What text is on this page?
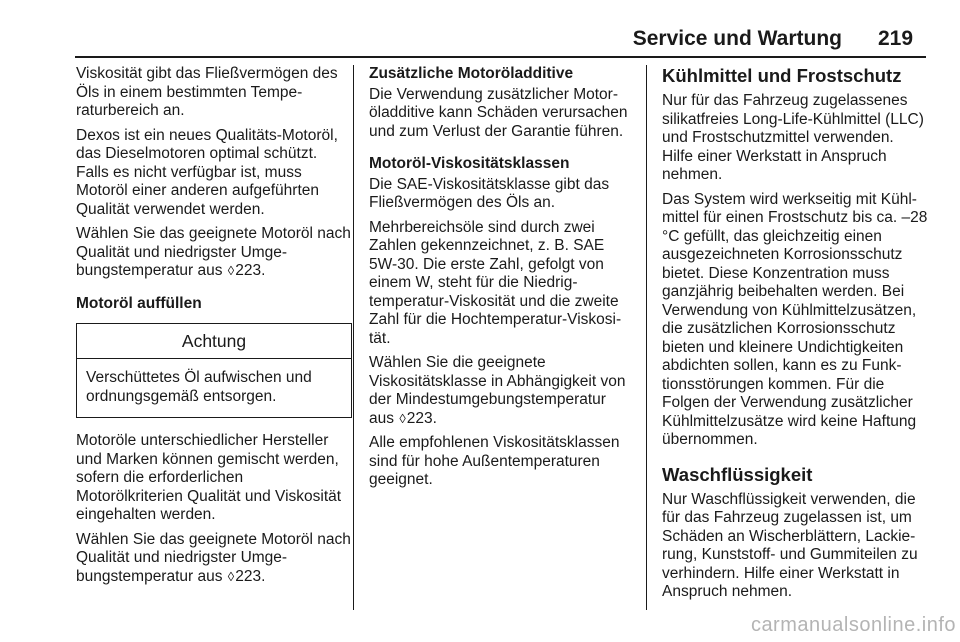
Service und Wartung 219

Viskosität gibt das Fließvermögen des Öls in einem bestimmten Temperaturbereich an.

Dexos ist ein neues Qualitäts-Motoröl, das Dieselmotoren optimal schützt. Falls es nicht verfügbar ist, muss Motoröl einer anderen aufgeführten Qualität verwendet werden.

Wählen Sie das geeignete Motoröl nach Qualität und niedrigster Umgebungstemperatur aus ◊223.

Motoröl auffüllen

Achtung
Verschüttetes Öl aufwischen und ordnungsgemäß entsorgen.

Motoröle unterschiedlicher Hersteller und Marken können gemischt werden, sofern die erforderlichen Motorölkriterien Qualität und Viskosität eingehalten werden.

Wählen Sie das geeignete Motoröl nach Qualität und niedrigster Umgebungstemperatur aus ◊223.

Zusätzliche Motoröladditive

Die Verwendung zusätzlicher Motoröladditive kann Schäden verursachen und zum Verlust der Garantie führen.

Motoröl-Viskositätsklassen

Die SAE-Viskositätsklasse gibt das Fließvermögen des Öls an.

Mehrbereichsöle sind durch zwei Zahlen gekennzeichnet, z. B. SAE 5W-30. Die erste Zahl, gefolgt von einem W, steht für die Niedrigtemperatur-Viskosität und die zweite Zahl für die Hochtemperatur-Viskosität.

Wählen Sie die geeignete Viskositätsklasse in Abhängigkeit von der Mindestumgebungstemperatur aus ◊223.

Alle empfohlenen Viskositätsklassen sind für hohe Außentemperaturen geeignet.

Kühlmittel und Frostschutz

Nur für das Fahrzeug zugelassenes silikatfreies Long-Life-Kühlmittel (LLC) und Frostschutzmittel verwenden. Hilfe einer Werkstatt in Anspruch nehmen.

Das System wird werkseitig mit Kühlmittel für einen Frostschutz bis ca. –28 °C gefüllt, das gleichzeitig einen ausgezeichneten Korrosionsschutz bietet. Diese Konzentration muss ganzjährig beibehalten werden. Bei Verwendung von Kühlmittelzusätzen, die zusätzlichen Korrosionsschutz bieten und kleinere Undichtigkeiten abdichten sollen, kann es zu Funktionsstörungen kommen. Für die Folgen der Verwendung zusätzlicher Kühlmittelzusätze wird keine Haftung übernommen.

Waschflüssigkeit

Nur Waschflüssigkeit verwenden, die für das Fahrzeug zugelassen ist, um Schäden an Wischerblättern, Lackierung, Kunststoff- und Gummiteilen zu verhindern. Hilfe einer Werkstatt in Anspruch nehmen.

carmanualsonline.info
